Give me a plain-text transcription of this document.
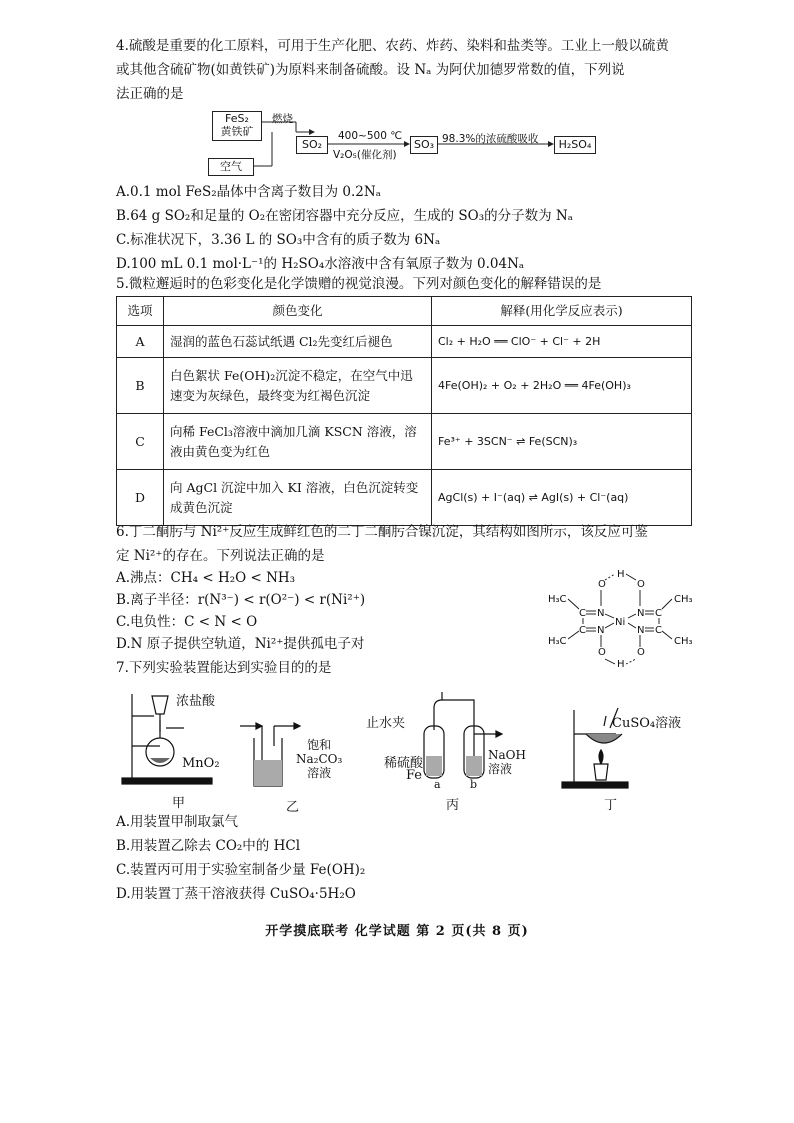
4.硫酸是重要的化工原料，可用于生产化肥、农药、炸药、染料和盐类等。工业上一般以硫黄
或其他含硫矿物(如黄铁矿)为原料来制备硫酸。设 Nₐ 为阿伏加德罗常数的值，下列说
法正确的是
FeS₂
黄铁矿
燃烧
空气
SO₂
400~500 ℃
V₂O₅(催化剂)
SO₃ 98.3%的浓硫酸吸收	H₂SO₄
A.0.1 mol FeS₂晶体中含离子数目为 0.2Nₐ
B.64 g SO₂和足量的 O₂在密闭容器中充分反应，生成的 SO₃的分子数为 Nₐ
C.标准状况下，3.36 L 的 SO₃中含有的质子数为 6Nₐ
D.100 mL 0.1 mol·L⁻¹的 H₂SO₄水溶液中含有氧原子数为 0.04Nₐ
5.微粒邂逅时的色彩变化是化学馈赠的视觉浪漫。下列对颜色变化的解释错误的是
选项	颜色变化	解释(用化学反应表示)
A	湿润的蓝色石蕊试纸遇 Cl₂先变红后褪色	Cl₂ + H₂O ══ ClO⁻ + Cl⁻ + 2H
B	白色絮状 Fe(OH)₂沉淀不稳定，在空气中迅速变为灰绿色，最终变为红褐色沉淀	4Fe(OH)₂ + O₂ + 2H₂O ══ 4Fe(OH)₃
C	向稀 FeCl₃溶液中滴加几滴 KSCN 溶液，溶液由黄色变为红色	Fe³⁺ + 3SCN⁻ ⇌ Fe(SCN)₃
D	向 AgCl 沉淀中加入 KI 溶液，白色沉淀转变成黄色沉淀	AgCl(s) + I⁻(aq) ⇌ AgI(s) + Cl⁻(aq)
6.丁二酮肟与 Ni²⁺反应生成鲜红色的二丁二酮肟合镍沉淀，其结构如图所示，该反应可鉴
定 Ni²⁺的存在。下列说法正确的是
A.沸点：CH₄ < H₂O < NH₃
B.离子半径：r(N³⁻) < r(O²⁻) < r(Ni²⁺)
C.电负性：C < N < O
D.N 原子提供空轨道，Ni²⁺提供孤电子对
H₃C
H₃C
CH₃
CH₃
C
C
C
C
N
N
N
N
Ni
O	O
O	O
H
H
7.下列实验装置能达到实验目的的是
浓盐酸
MnO₂
甲
饱和
Na₂CO₃
溶液
乙
止水夹
稀硫酸
Fe
a	b
NaOH
溶液
丙
CuSO₄溶液
丁
A.用装置甲制取氯气
B.用装置乙除去 CO₂中的 HCl
C.装置丙可用于实验室制备少量 Fe(OH)₂
D.用装置丁蒸干溶液获得 CuSO₄·5H₂O
开学摸底联考 化学试题 第 2 页(共 8 页)
